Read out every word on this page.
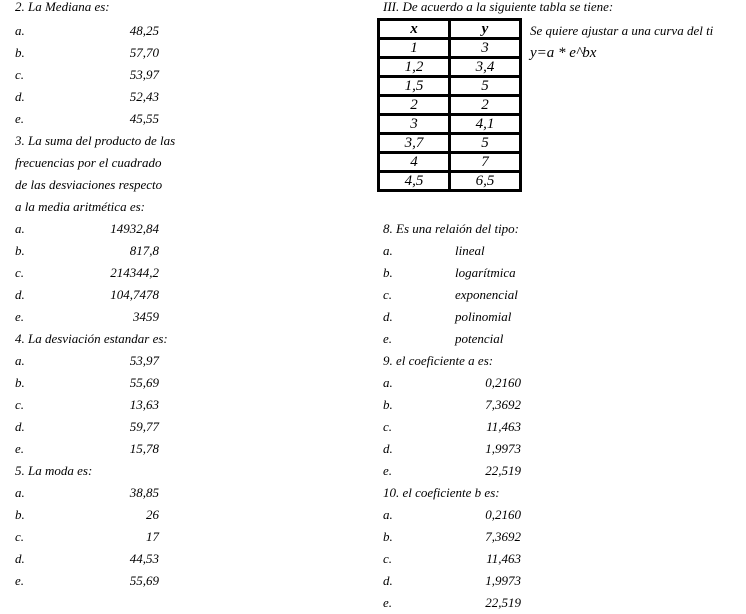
2. La Mediana es:
a.	48,25
b.	57,70
c.	53,97
d.	52,43
e.	45,55
3. La suma del producto de las
frecuencias por el cuadrado
de las desviaciones respecto
a la media aritmética es:
a.	14932,84
b.	817,8
c.	214344,2
d.	104,7478
e.	3459
4. La desviación estandar es:
a.	53,97
b.	55,69
c.	13,63
d.	59,77
e.	15,78
5. La moda es:
a.	38,85
b.	26
c.	17
d.	44,53
e.	55,69
III. De acuerdo a la siguiente tabla se tiene:
x	y
1	3
1,2	3,4
1,5	5
2	2
3	4,1
3,7	5
4	7
4,5	6,5
Se quiere ajustar a una curva del ti
y=a * e^bx
8. Es una relaión del tipo:
a.	lineal
b.	logarítmica
c.	exponencial
d.	polinomial
e.	potencial
9. el coeficiente a es:
a.	0,2160
b.	7,3692
c.	11,463
d.	1,9973
e.	22,519
10. el coeficiente b es:
a.	0,2160
b.	7,3692
c.	11,463
d.	1,9973
e.	22,519
